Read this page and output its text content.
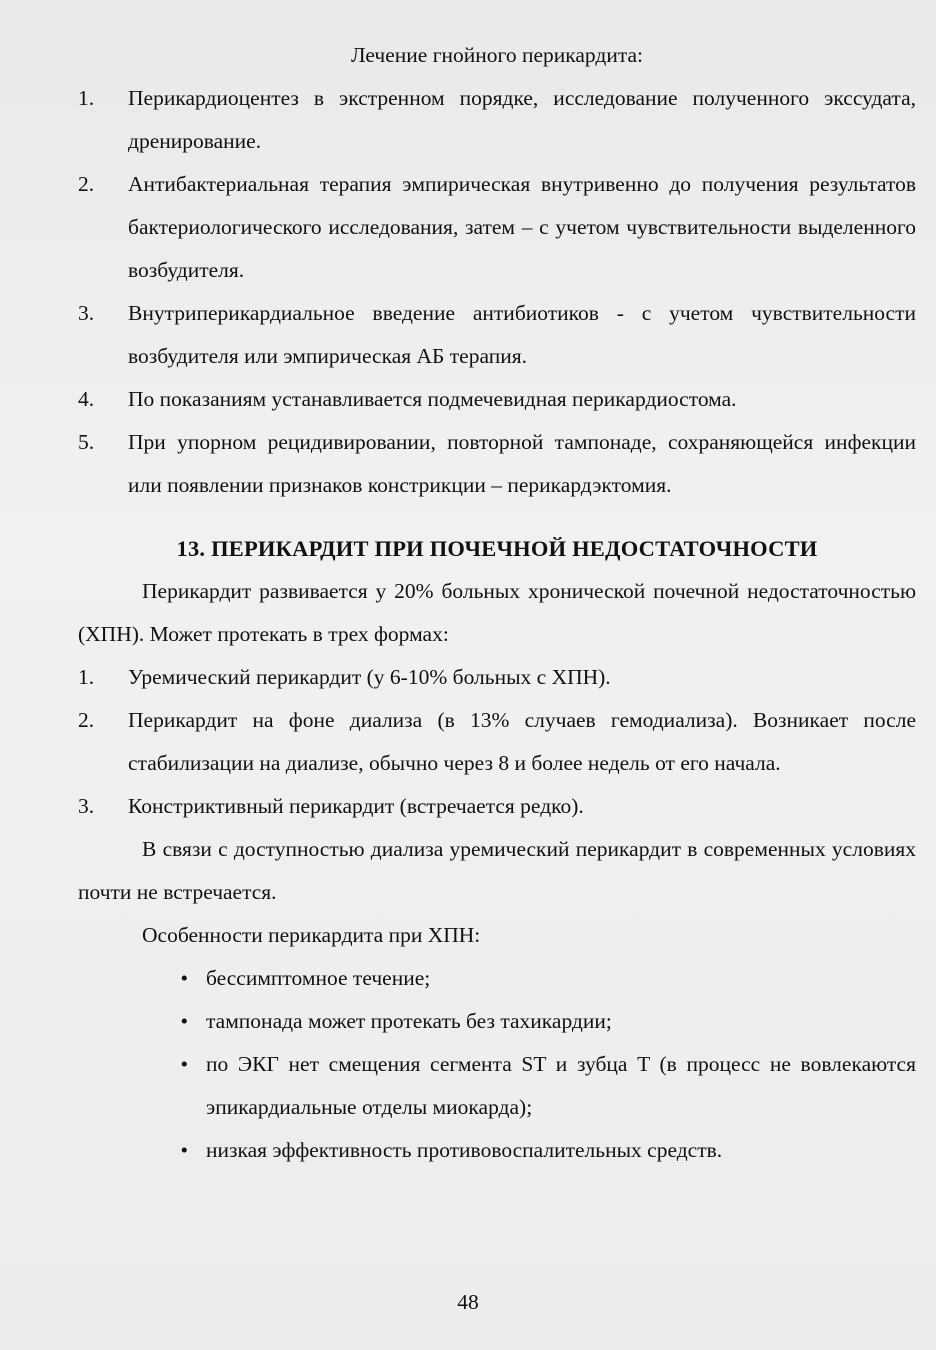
Лечение гнойного перикардита:

1.	Перикардиоцентез в экстренном порядке, исследование полученного экссудата, дренирование.
2.	Антибактериальная терапия эмпирическая внутривенно до получения результатов бактериологического исследования, затем – с учетом чувствительности выделенного возбудителя.
3.	Внутриперикардиальное введение антибиотиков - с учетом чувствительности возбудителя или эмпирическая АБ терапия.
4.	По показаниям устанавливается подмечевидная перикардиостома.
5.	При упорном рецидивировании, повторной тампонаде, сохраняющейся инфекции или появлении признаков констрикции – перикардэктомия.
13. ПЕРИКАРДИТ ПРИ ПОЧЕЧНОЙ НЕДОСТАТОЧНОСТИ

Перикардит развивается у 20% больных хронической почечной недостаточностью (ХПН). Может протекать в трех формах:

1.	Уремический перикардит (у 6-10% больных с ХПН).
2.	Перикардит на фоне диализа (в 13% случаев гемодиализа). Возникает после стабилизации на диализе, обычно через 8 и более недель от его начала.
3.	Констриктивный перикардит (встречается редко).

В связи с доступностью диализа уремический перикардит в современных условиях почти не встречается.

Особенности перикардита при ХПН:

• бессимптомное течение;
• тампонада может протекать без тахикардии;
• по ЭКГ нет смещения сегмента ST и зубца T (в процесс не вовлекаются эпикардиальные отделы миокарда);
• низкая эффективность противовоспалительных средств.
48
